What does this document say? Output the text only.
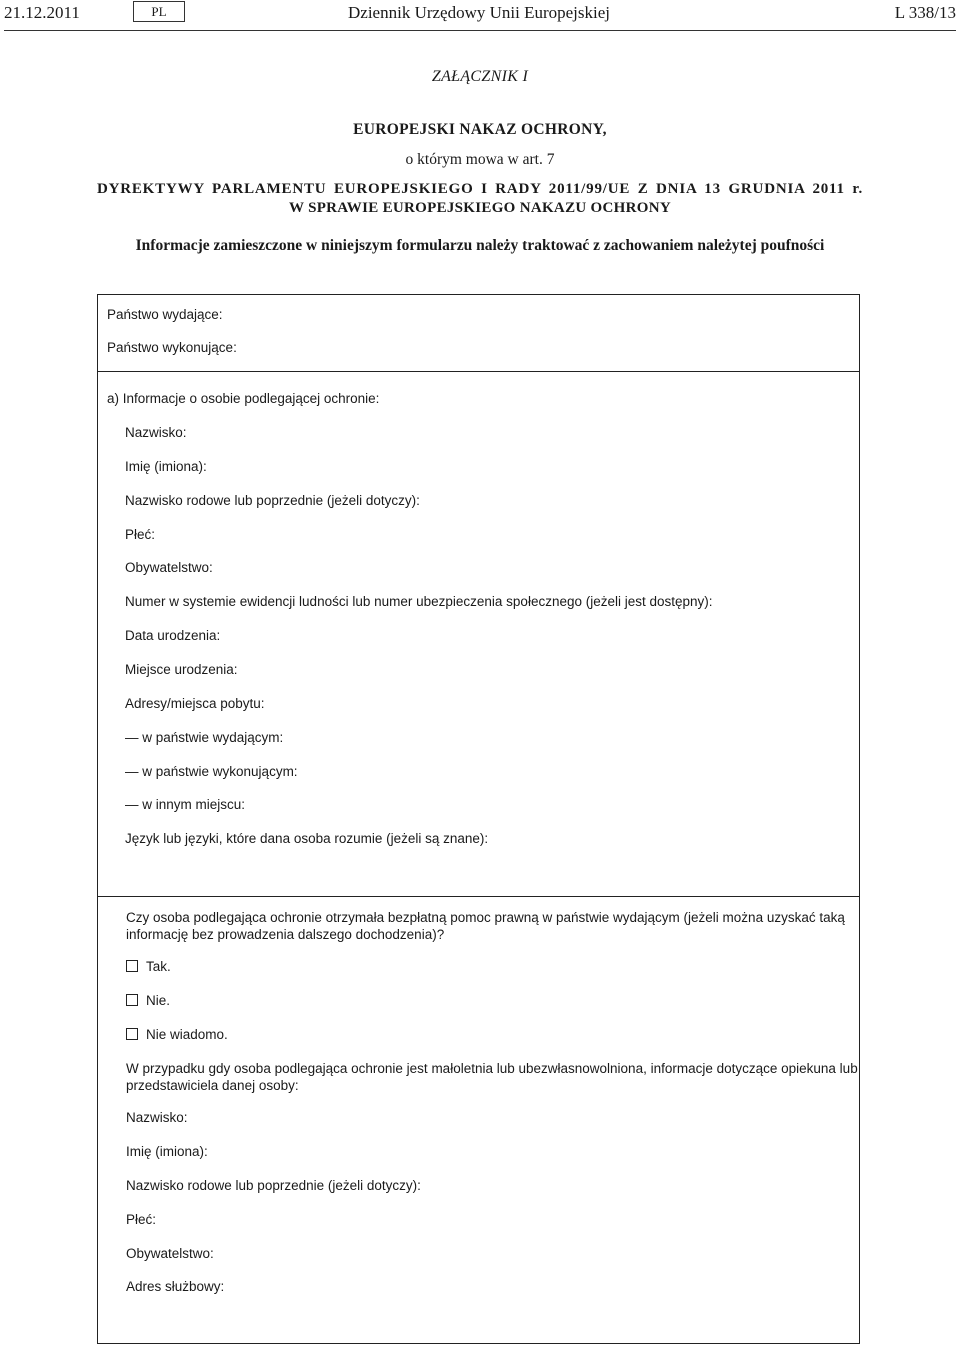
21.12.2011	PL	Dziennik Urzędowy Unii Europejskiej	L 338/13
ZAŁĄCZNIK I
EUROPEJSKI NAKAZ OCHRONY,
o którym mowa w art. 7
DYREKTYWY PARLAMENTU EUROPEJSKIEGO I RADY 2011/99/UE Z DNIA 13 GRUDNIA 2011 r.
W SPRAWIE EUROPEJSKIEGO NAKAZU OCHRONY
Informacje zamieszczone w niniejszym formularzu należy traktować z zachowaniem należytej poufności
Państwo wydające:
Państwo wykonujące:
a) Informacje o osobie podlegającej ochronie:
Nazwisko:
Imię (imiona):
Nazwisko rodowe lub poprzednie (jeżeli dotyczy):
Płeć:
Obywatelstwo:
Numer w systemie ewidencji ludności lub numer ubezpieczenia społecznego (jeżeli jest dostępny):
Data urodzenia:
Miejsce urodzenia:
Adresy/miejsca pobytu:
— w państwie wydającym:
— w państwie wykonującym:
— w innym miejscu:
Język lub języki, które dana osoba rozumie (jeżeli są znane):
Czy osoba podlegająca ochronie otrzymała bezpłatną pomoc prawną w państwie wydającym (jeżeli można uzyskać taką informację bez prowadzenia dalszego dochodzenia)?
Tak.
Nie.
Nie wiadomo.
W przypadku gdy osoba podlegająca ochronie jest małoletnia lub ubezwłasnowolniona, informacje dotyczące opiekuna lub przedstawiciela danej osoby:
Nazwisko:
Imię (imiona):
Nazwisko rodowe lub poprzednie (jeżeli dotyczy):
Płeć:
Obywatelstwo:
Adres służbowy:
